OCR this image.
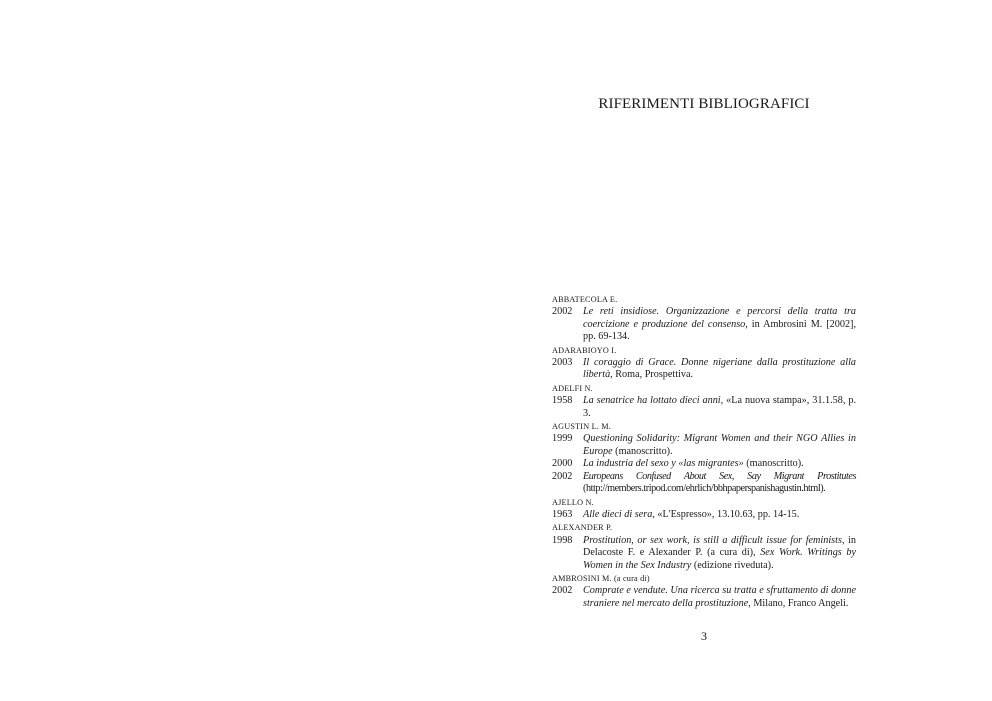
RIFERIMENTI BIBLIOGRAFICI
ABBATECOLA E.
2002	Le reti insidiose. Organizzazione e percorsi della tratta tra coercizione e produzione del consenso, in Ambrosini M. [2002], pp. 69-134.
ADARABIOYO I.
2003	Il coraggio di Grace. Donne nigeriane dalla prostituzione alla libertà, Roma, Prospettiva.
ADELFI N.
1958	La senatrice ha lottato dieci anni, «La nuova stampa», 31.1.58, p. 3.
AGUSTIN L. M.
1999	Questioning Solidarity: Migrant Women and their NGO Allies in Europe (manoscritto).
2000	La industria del sexo y «las migrantes» (manoscritto).
2002	Europeans Confused About Sex, Say Migrant Prostitutes (http://members.tripod.com/ehrlich/bbhpaperspanishagustin.html).
AJELLO N.
1963	Alle dieci di sera, «L'Espresso», 13.10.63, pp. 14-15.
ALEXANDER P.
1998	Prostitution, or sex work, is still a difficult issue for feminists, in Delacoste F. e Alexander P. (a cura di), Sex Work. Writings by Women in the Sex Industry (edizione riveduta).
AMBROSINI M. (a cura di)
2002	Comprate e vendute. Una ricerca su tratta e sfruttamento di donne straniere nel mercato della prostituzione, Milano, Franco Angeli.
3
